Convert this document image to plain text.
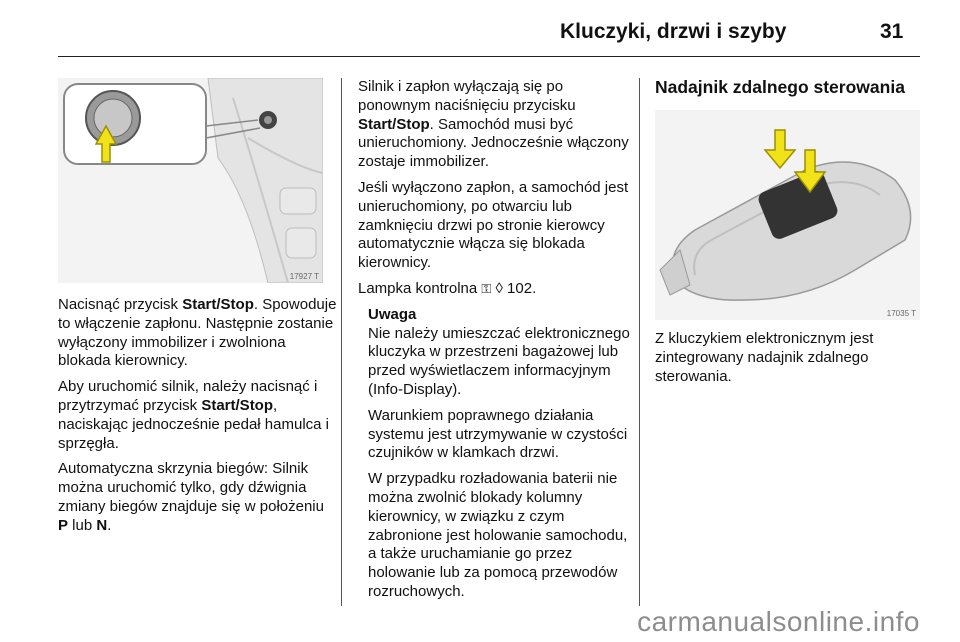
Kluczyki, drzwi i szyby	31
17927 T

Nacisnąć przycisk Start/Stop. Spowoduje to włączenie zapłonu. Następnie zostanie wyłączony immobilizer i zwolniona blokada kierownicy.

Aby uruchomić silnik, należy nacisnąć i przytrzymać przycisk Start/Stop, naciskając jednocześnie pedał hamulca i sprzęgła.

Automatyczna skrzynia biegów: Silnik można uruchomić tylko, gdy dźwignia zmiany biegów znajduje się w położeniu P lub N.

Silnik i zapłon wyłączają się po ponownym naciśnięciu przycisku Start/Stop. Samochód musi być unieruchomiony. Jednocześnie włączony zostaje immobilizer.

Jeśli wyłączono zapłon, a samochód jest unieruchomiony, po otwarciu lub zamknięciu drzwi po stronie kierowcy automatycznie włącza się blokada kierownicy.

Lampka kontrolna ⚿ ◊ 102.

Uwaga

Nie należy umieszczać elektronicznego kluczyka w przestrzeni bagażowej lub przed wyświetlaczem informacyjnym (Info-Display).

Warunkiem poprawnego działania systemu jest utrzymywanie w czystości czujników w klamkach drzwi.

W przypadku rozładowania baterii nie można zwolnić blokady kolumny kierownicy, w związku z czym zabronione jest holowanie samochodu, a także uruchamianie go przez holowanie lub za pomocą przewodów rozruchowych.

Nadajnik zdalnego sterowania
17035 T

Z kluczykiem elektronicznym jest zintegrowany nadajnik zdalnego sterowania.

carmanualsonline.info
